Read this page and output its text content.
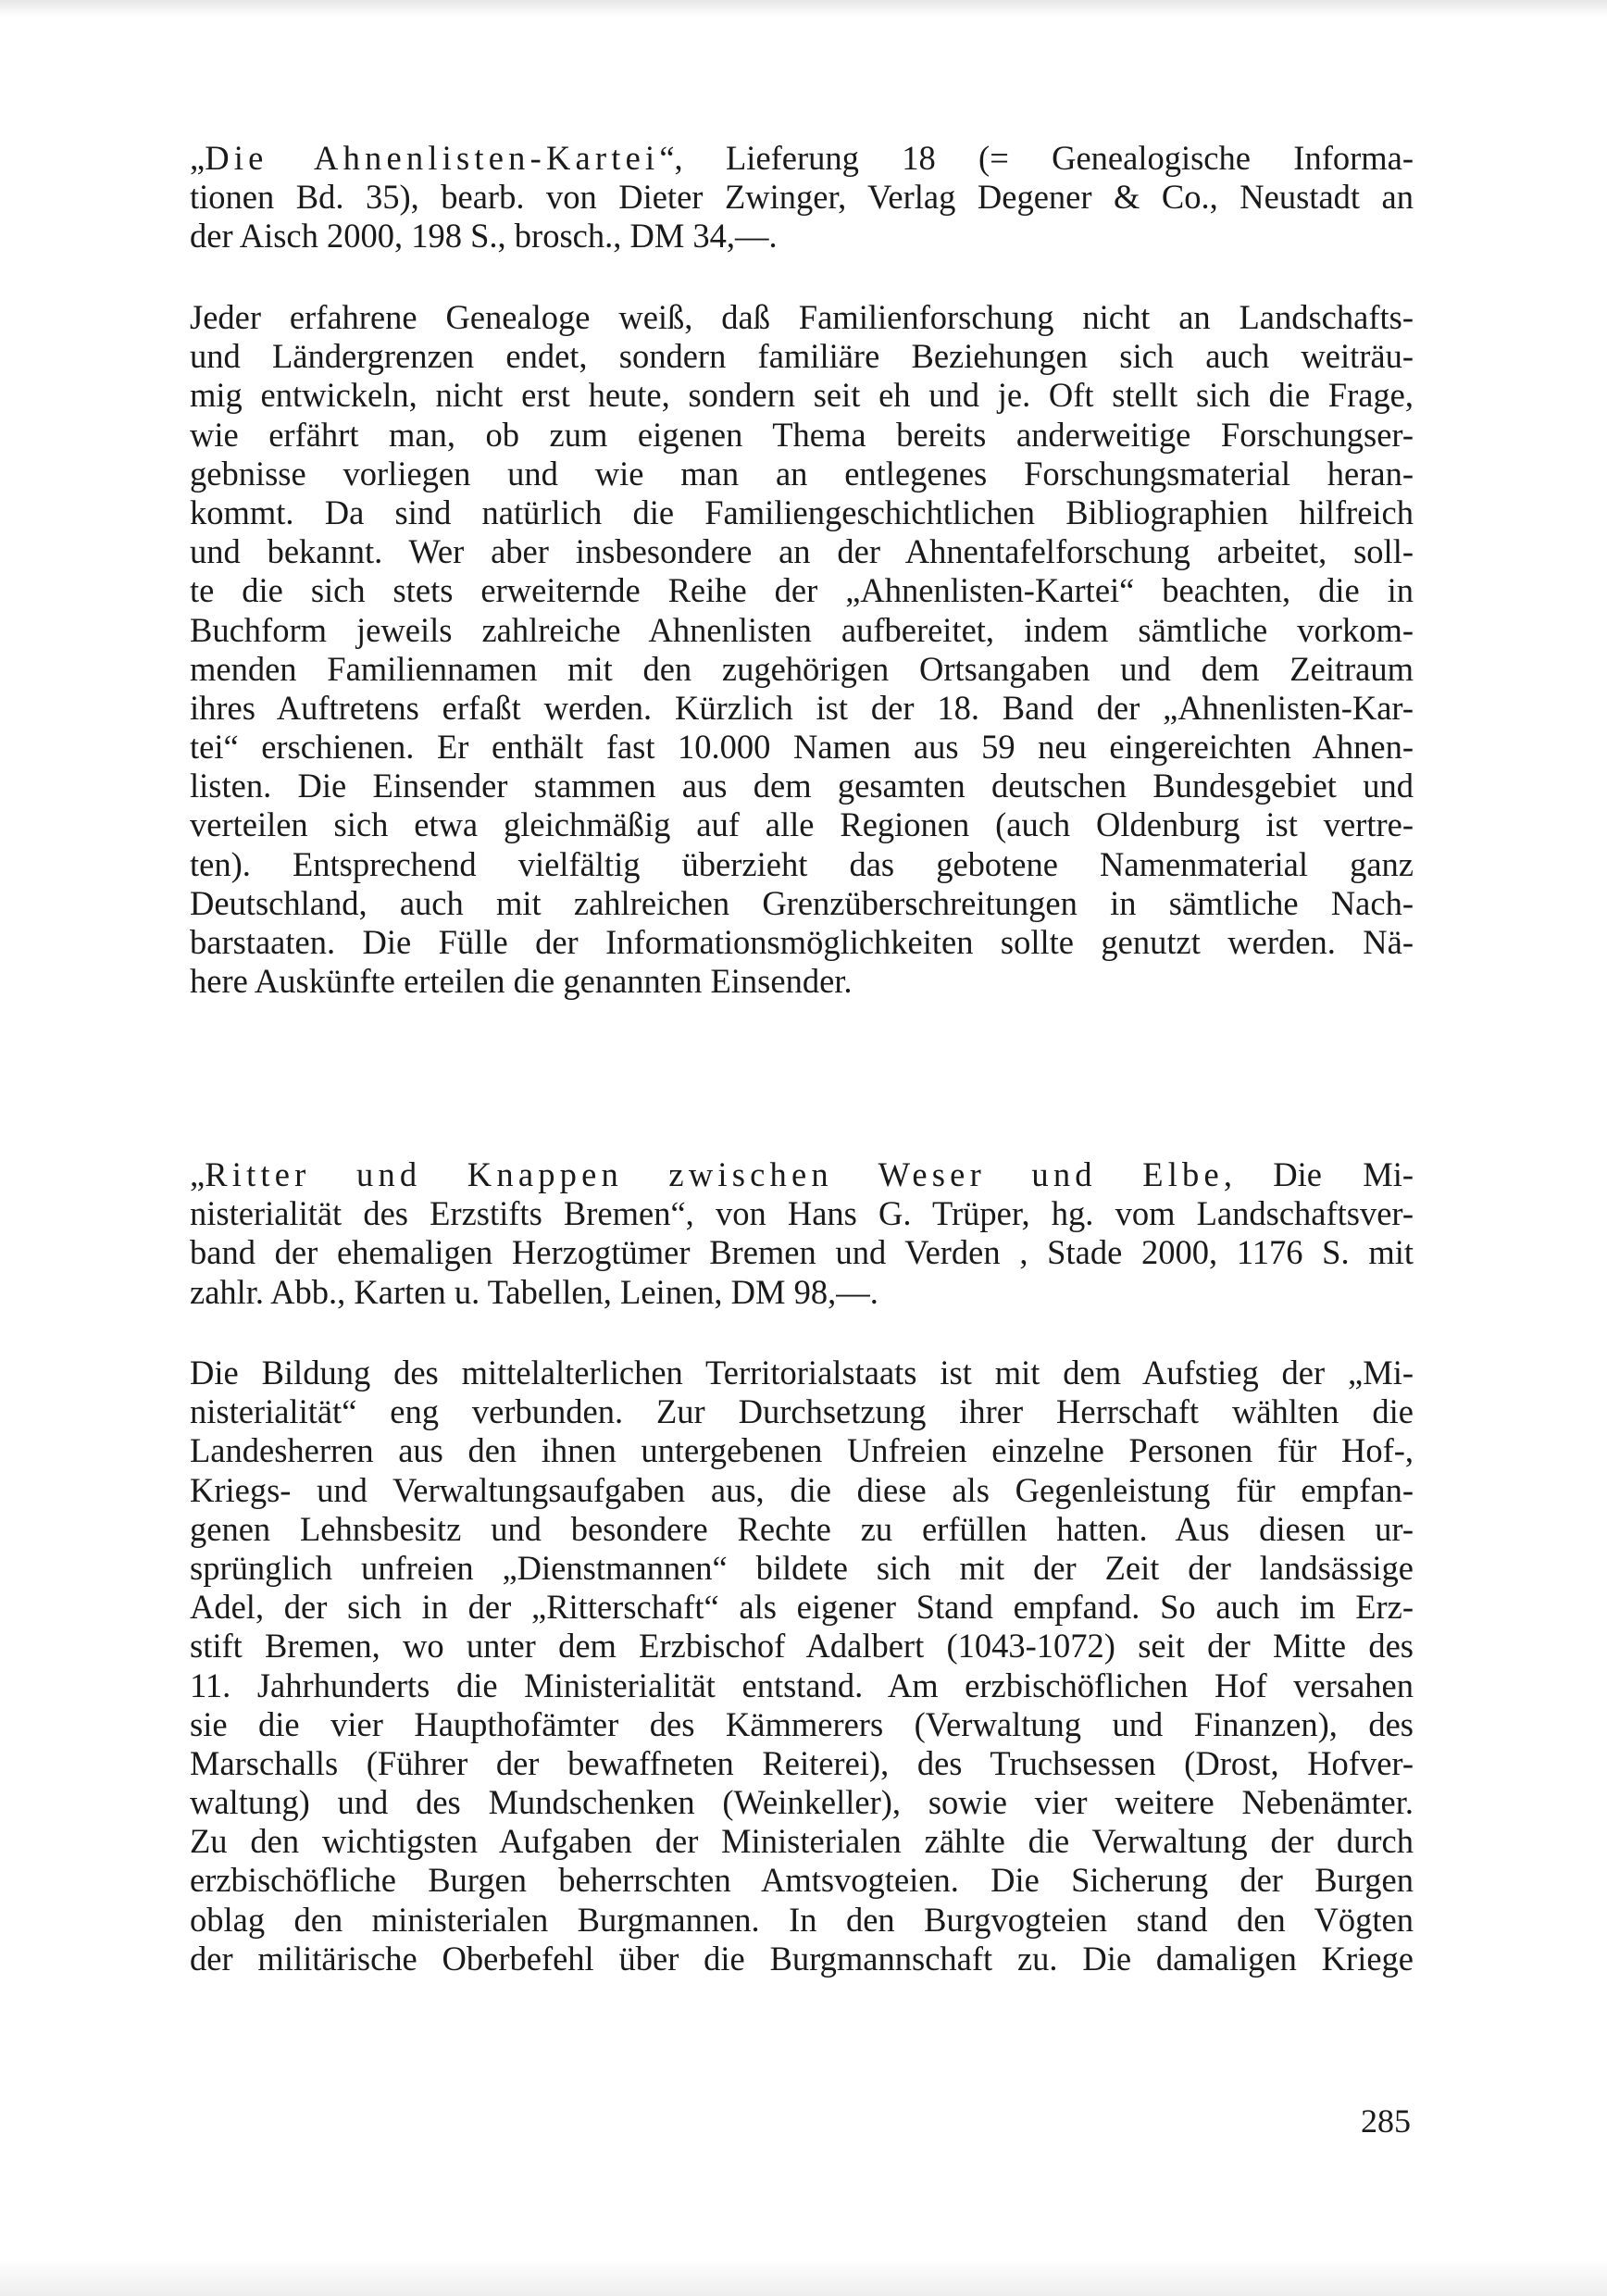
„Die Ahnenlisten-Kartei“, Lieferung 18 (= Genealogische Informa-
tionen Bd. 35), bearb. von Dieter Zwinger, Verlag Degener & Co., Neustadt an
der Aisch 2000, 198 S., brosch., DM 34,—.
Jeder erfahrene Genealoge weiß, daß Familienforschung nicht an Landschafts-
und Ländergrenzen endet, sondern familiäre Beziehungen sich auch weiträu-
mig entwickeln, nicht erst heute, sondern seit eh und je. Oft stellt sich die Frage,
wie erfährt man, ob zum eigenen Thema bereits anderweitige Forschungser-
gebnisse vorliegen und wie man an entlegenes Forschungsmaterial heran-
kommt. Da sind natürlich die Familiengeschichtlichen Bibliographien hilfreich
und bekannt. Wer aber insbesondere an der Ahnentafelforschung arbeitet, soll-
te die sich stets erweiternde Reihe der „Ahnenlisten-Kartei“ beachten, die in
Buchform jeweils zahlreiche Ahnenlisten aufbereitet, indem sämtliche vorkom-
menden Familiennamen mit den zugehörigen Ortsangaben und dem Zeitraum
ihres Auftretens erfaßt werden. Kürzlich ist der 18. Band der „Ahnenlisten-Kar-
tei“ erschienen. Er enthält fast 10.000 Namen aus 59 neu eingereichten Ahnen-
listen. Die Einsender stammen aus dem gesamten deutschen Bundesgebiet und
verteilen sich etwa gleichmäßig auf alle Regionen (auch Oldenburg ist vertre-
ten). Entsprechend vielfältig überzieht das gebotene Namenmaterial ganz
Deutschland, auch mit zahlreichen Grenzüberschreitungen in sämtliche Nach-
barstaaten. Die Fülle der Informationsmöglichkeiten sollte genutzt werden. Nä-
here Auskünfte erteilen die genannten Einsender.
„Ritter und Knappen zwischen Weser und Elbe, Die Mi-
nisterialität des Erzstifts Bremen“, von Hans G. Trüper, hg. vom Landschaftsver-
band der ehemaligen Herzogtümer Bremen und Verden , Stade 2000, 1176 S. mit
zahlr. Abb., Karten u. Tabellen, Leinen, DM 98,—.
Die Bildung des mittelalterlichen Territorialstaats ist mit dem Aufstieg der „Mi-
nisterialität“ eng verbunden. Zur Durchsetzung ihrer Herrschaft wählten die
Landesherren aus den ihnen untergebenen Unfreien einzelne Personen für Hof-,
Kriegs- und Verwaltungsaufgaben aus, die diese als Gegenleistung für empfan-
genen Lehnsbesitz und besondere Rechte zu erfüllen hatten. Aus diesen ur-
sprünglich unfreien „Dienstmannen“ bildete sich mit der Zeit der landsässige
Adel, der sich in der „Ritterschaft“ als eigener Stand empfand. So auch im Erz-
stift Bremen, wo unter dem Erzbischof Adalbert (1043-1072) seit der Mitte des
11. Jahrhunderts die Ministerialität entstand. Am erzbischöflichen Hof versahen
sie die vier Haupthofämter des Kämmerers (Verwaltung und Finanzen), des
Marschalls (Führer der bewaffneten Reiterei), des Truchsessen (Drost, Hofver-
waltung) und des Mundschenken (Weinkeller), sowie vier weitere Nebenämter.
Zu den wichtigsten Aufgaben der Ministerialen zählte die Verwaltung der durch
erzbischöfliche Burgen beherrschten Amtsvogteien. Die Sicherung der Burgen
oblag den ministerialen Burgmannen. In den Burgvogteien stand den Vögten
der militärische Oberbefehl über die Burgmannschaft zu. Die damaligen Kriege
285
